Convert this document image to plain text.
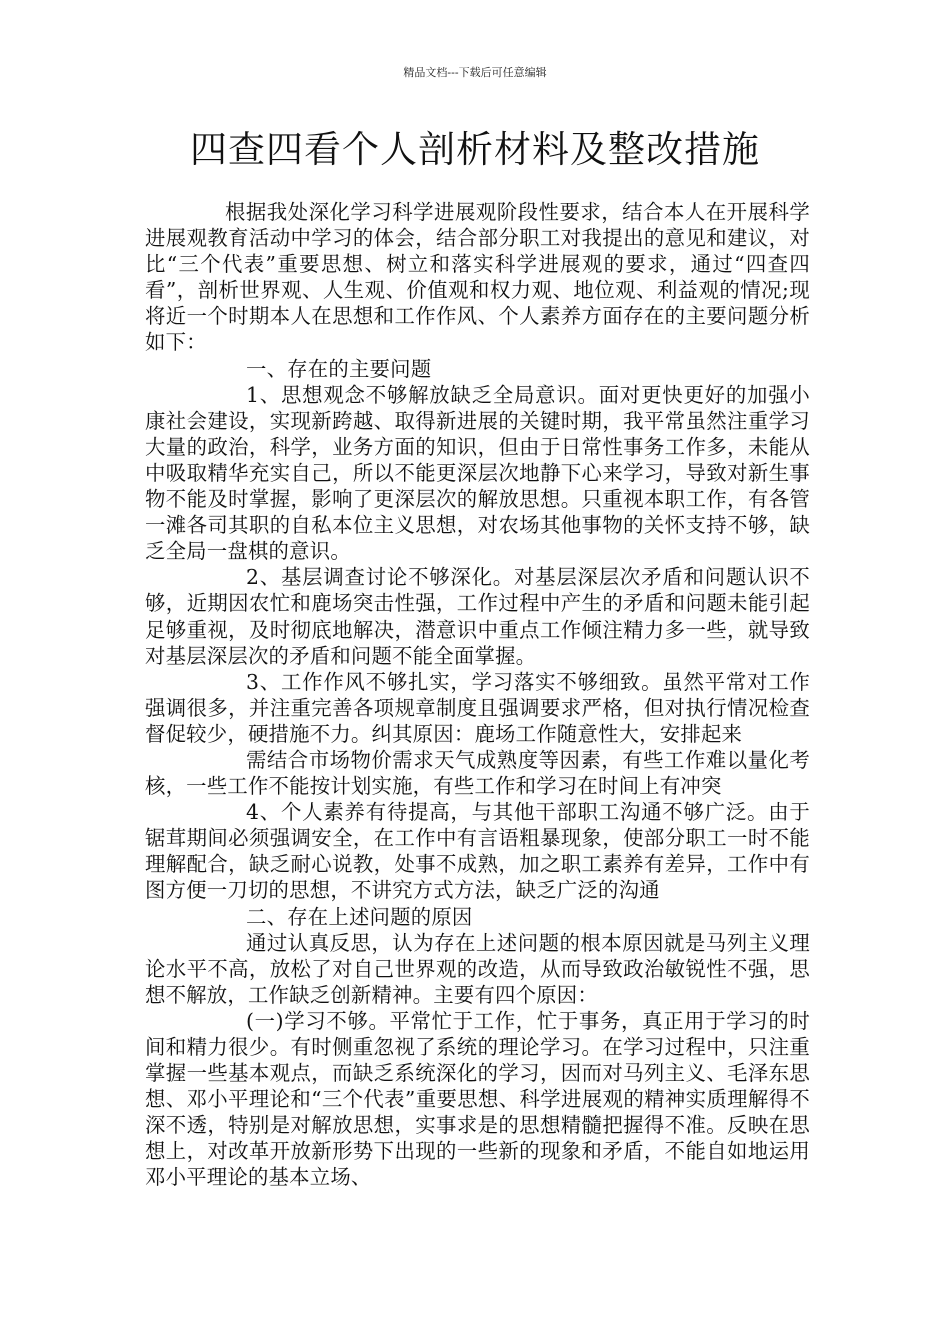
精品文档---下载后可任意编辑
四查四看个人剖析材料及整改措施

根据我处深化学习科学进展观阶段性要求，结合本人在开展科学进展观教育活动中学习的体会，结合部分职工对我提出的意见和建议，对比“三个代表”重要思想、树立和落实科学进展观的要求，通过“四查四看”，剖析世界观、人生观、价值观和权力观、地位观、利益观的情况;现将近一个时期本人在思想和工作作风、个人素养方面存在的主要问题分析如下：

一、存在的主要问题

1、思想观念不够解放缺乏全局意识。面对更快更好的加强小康社会建设，实现新跨越、取得新进展的关键时期，我平常虽然注重学习大量的政治，科学，业务方面的知识，但由于日常性事务工作多，未能从中吸取精华充实自己，所以不能更深层次地静下心来学习，导致对新生事物不能及时掌握，影响了更深层次的解放思想。只重视本职工作，有各管一滩各司其职的自私本位主义思想，对农场其他事物的关怀支持不够，缺乏全局一盘棋的意识。

2、基层调查讨论不够深化。对基层深层次矛盾和问题认识不够，近期因农忙和鹿场突击性强，工作过程中产生的矛盾和问题未能引起足够重视，及时彻底地解决，潜意识中重点工作倾注精力多一些，就导致对基层深层次的矛盾和问题不能全面掌握。

3、工作作风不够扎实，学习落实不够细致。虽然平常对工作强调很多，并注重完善各项规章制度且强调要求严格，但对执行情况检查督促较少，硬措施不力。纠其原因：鹿场工作随意性大，安排起来

需结合市场物价需求天气成熟度等因素，有些工作难以量化考核，一些工作不能按计划实施，有些工作和学习在时间上有冲突

4、个人素养有待提高，与其他干部职工沟通不够广泛。由于锯茸期间必须强调安全，在工作中有言语粗暴现象，使部分职工一时不能理解配合，缺乏耐心说教，处事不成熟，加之职工素养有差异，工作中有图方便一刀切的思想，不讲究方式方法，缺乏广泛的沟通

二、存在上述问题的原因

通过认真反思，认为存在上述问题的根本原因就是马列主义理论水平不高，放松了对自己世界观的改造，从而导致政治敏锐性不强，思想不解放，工作缺乏创新精神。主要有四个原因：

(一)学习不够。平常忙于工作，忙于事务，真正用于学习的时间和精力很少。有时侧重忽视了系统的理论学习。在学习过程中，只注重掌握一些基本观点，而缺乏系统深化的学习，因而对马列主义、毛泽东思想、邓小平理论和“三个代表”重要思想、科学进展观的精神实质理解得不深不透，特别是对解放思想，实事求是的思想精髓把握得不准。反映在思想上，对改革开放新形势下出现的一些新的现象和矛盾，不能自如地运用邓小平理论的基本立场、
